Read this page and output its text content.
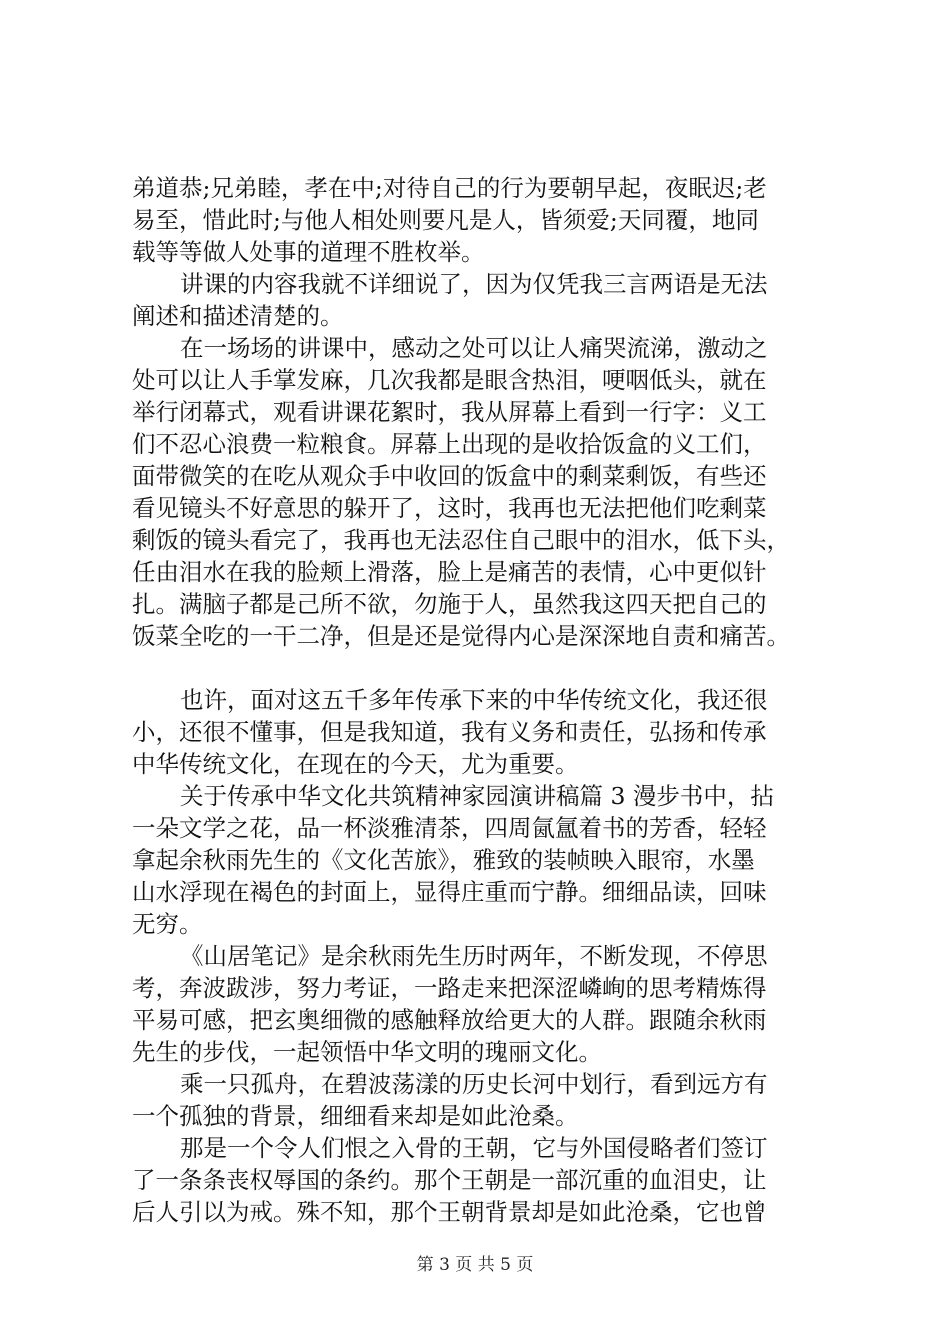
弟道恭;兄弟睦，孝在中;对待自己的行为要朝早起，夜眠迟;老
易至，惜此时;与他人相处则要凡是人，皆须爱;天同覆，地同
载等等做人处事的道理不胜枚举。
讲课的内容我就不详细说了，因为仅凭我三言两语是无法
阐述和描述清楚的。
在一场场的讲课中，感动之处可以让人痛哭流涕，激动之
处可以让人手掌发麻，几次我都是眼含热泪，哽咽低头，就在
举行闭幕式，观看讲课花絮时，我从屏幕上看到一行字：义工
们不忍心浪费一粒粮食。屏幕上出现的是收拾饭盒的义工们，
面带微笑的在吃从观众手中收回的饭盒中的剩菜剩饭，有些还
看见镜头不好意思的躲开了，这时，我再也无法把他们吃剩菜
剩饭的镜头看完了，我再也无法忍住自己眼中的泪水，低下头，
任由泪水在我的脸颊上滑落，脸上是痛苦的表情，心中更似针
扎。满脑子都是己所不欲，勿施于人，虽然我这四天把自己的
饭菜全吃的一干二净，但是还是觉得内心是深深地自责和痛苦。
也许，面对这五千多年传承下来的中华传统文化，我还很
小，还很不懂事，但是我知道，我有义务和责任，弘扬和传承
中华传统文化，在现在的今天，尤为重要。
关于传承中华文化共筑精神家园演讲稿篇 3 漫步书中，拈
一朵文学之花，品一杯淡雅清茶，四周氤氲着书的芳香，轻轻
拿起余秋雨先生的《文化苦旅》，雅致的装帧映入眼帘，水墨
山水浮现在褐色的封面上，显得庄重而宁静。细细品读，回味
无穷。
《山居笔记》是余秋雨先生历时两年，不断发现，不停思
考，奔波跋涉，努力考证，一路走来把深涩嶙峋的思考精炼得
平易可感，把玄奥细微的感触释放给更大的人群。跟随余秋雨
先生的步伐，一起领悟中华文明的瑰丽文化。
乘一只孤舟，在碧波荡漾的历史长河中划行，看到远方有
一个孤独的背景，细细看来却是如此沧桑。
那是一个令人们恨之入骨的王朝，它与外国侵略者们签订
了一条条丧权辱国的条约。那个王朝是一部沉重的血泪史，让
后人引以为戒。殊不知，那个王朝背景却是如此沧桑，它也曾
第 3 页 共 5 页
